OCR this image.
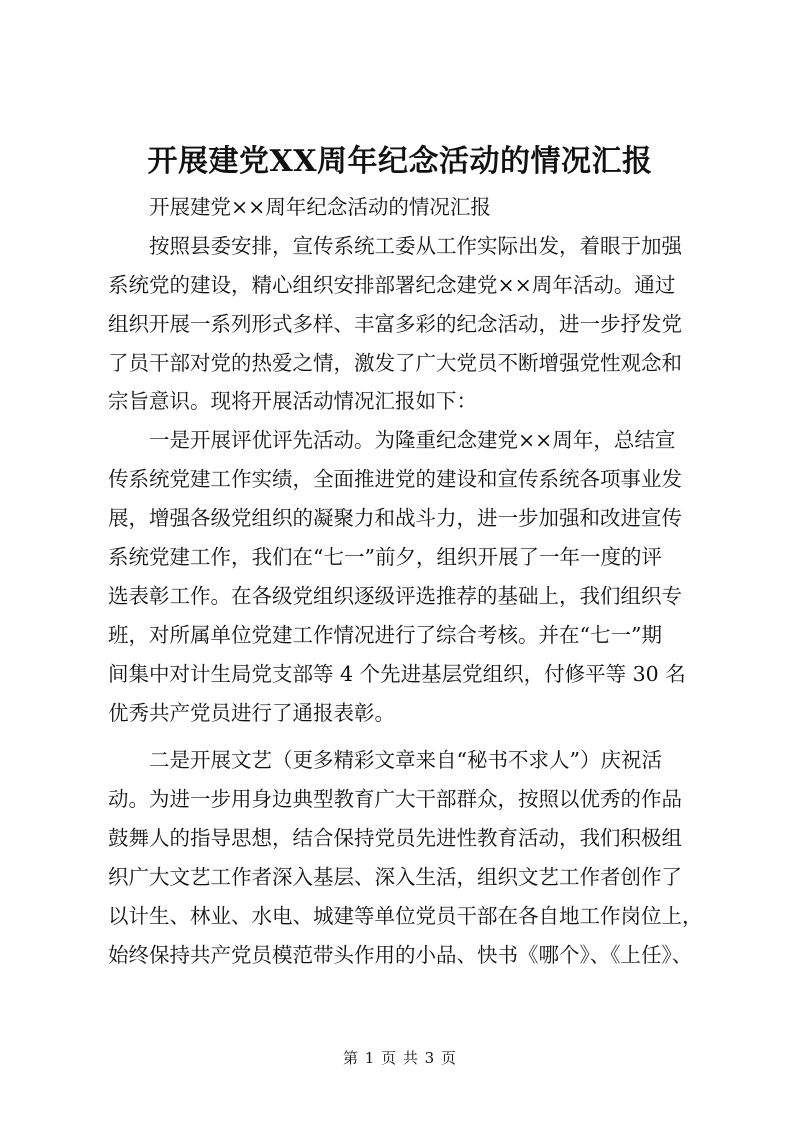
开展建党XX周年纪念活动的情况汇报
开展建党××周年纪念活动的情况汇报
按照县委安排，宣传系统工委从工作实际出发，着眼于加强
系统党的建设，精心组织安排部署纪念建党××周年活动。通过
组织开展一系列形式多样、丰富多彩的纪念活动，进一步抒发党
了员干部对党的热爱之情，激发了广大党员不断增强党性观念和
宗旨意识。现将开展活动情况汇报如下：
一是开展评优评先活动。为隆重纪念建党××周年，总结宣
传系统党建工作实绩，全面推进党的建设和宣传系统各项事业发
展，增强各级党组织的凝聚力和战斗力，进一步加强和改进宣传
系统党建工作，我们在“七一”前夕，组织开展了一年一度的评
选表彰工作。在各级党组织逐级评选推荐的基础上，我们组织专
班，对所属单位党建工作情况进行了综合考核。并在“七一”期
间集中对计生局党支部等 4 个先进基层党组织，付修平等 30 名
优秀共产党员进行了通报表彰。
二是开展文艺（更多精彩文章来自“秘书不求人”）庆祝活
动。为进一步用身边典型教育广大干部群众，按照以优秀的作品
鼓舞人的指导思想，结合保持党员先进性教育活动，我们积极组
织广大文艺工作者深入基层、深入生活，组织文艺工作者创作了
以计生、林业、水电、城建等单位党员干部在各自地工作岗位上，
始终保持共产党员模范带头作用的小品、快书《哪个》、《上任》、
第 1 页 共 3 页
